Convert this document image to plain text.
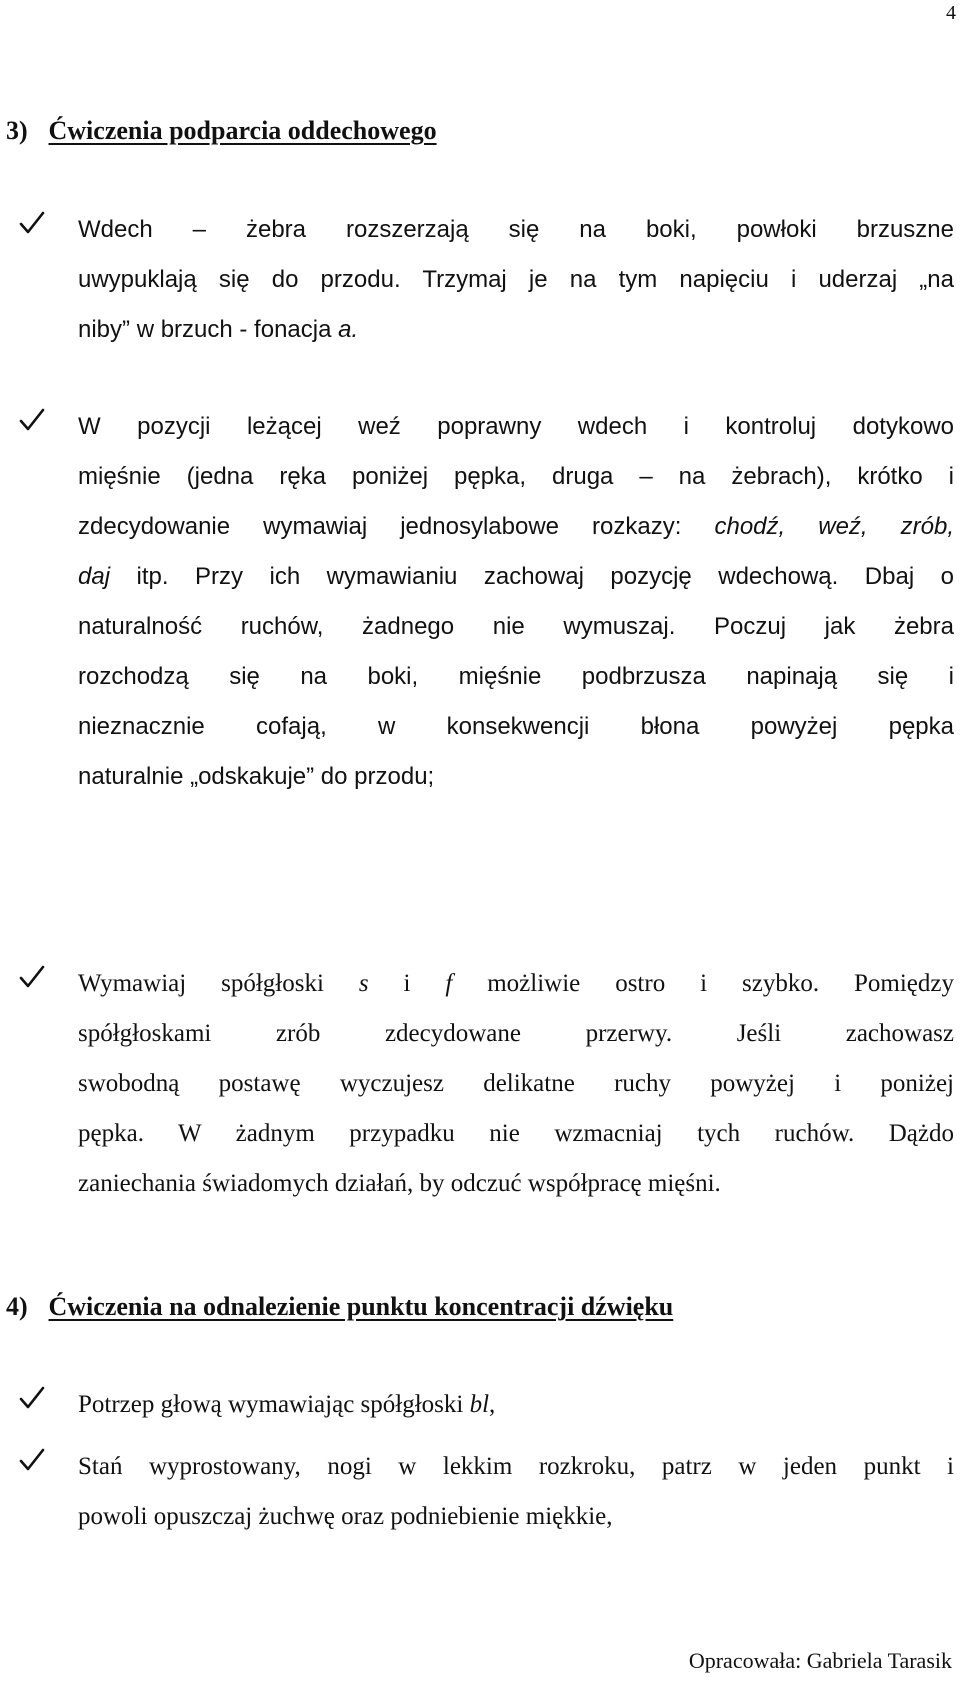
4
3) Ćwiczenia podparcia oddechowego
Wdech – żebra rozszerzają się na boki, powłoki brzuszne
uwypuklają się do przodu. Trzymaj je na tym napięciu i uderzaj „na
niby” w brzuch - fonacja a.
W pozycji leżącej weź poprawny wdech i kontroluj dotykowo
mięśnie (jedna ręka poniżej pępka, druga – na żebrach), krótko i
zdecydowanie wymawiaj jednosylabowe rozkazy: chodź, weź, zrób,
daj itp. Przy ich wymawianiu zachowaj pozycję wdechową. Dbaj o
naturalność ruchów, żadnego nie wymuszaj. Poczuj jak żebra
rozchodzą się na boki, mięśnie podbrzusza napinają się i
nieznacznie cofają, w konsekwencji błona powyżej pępka
naturalnie „odskakuje” do przodu;
Wymawiaj spółgłoski s i f możliwie ostro i szybko. Pomiędzy
spółgłoskami zrób zdecydowane przerwy. Jeśli zachowasz
swobodną postawę wyczujesz delikatne ruchy powyżej i poniżej
pępka. W żadnym przypadku nie wzmacniaj tych ruchów. Dążdo
zaniechania świadomych działań, by odczuć współpracę mięśni.
4) Ćwiczenia na odnalezienie punktu koncentracji dźwięku
Potrzep głową wymawiając spółgłoski bl,
Stań wyprostowany, nogi w lekkim rozkroku, patrz w jeden punkt i
powoli opuszczaj żuchwę oraz podniebienie miękkie,
Opracowała: Gabriela Tarasik
